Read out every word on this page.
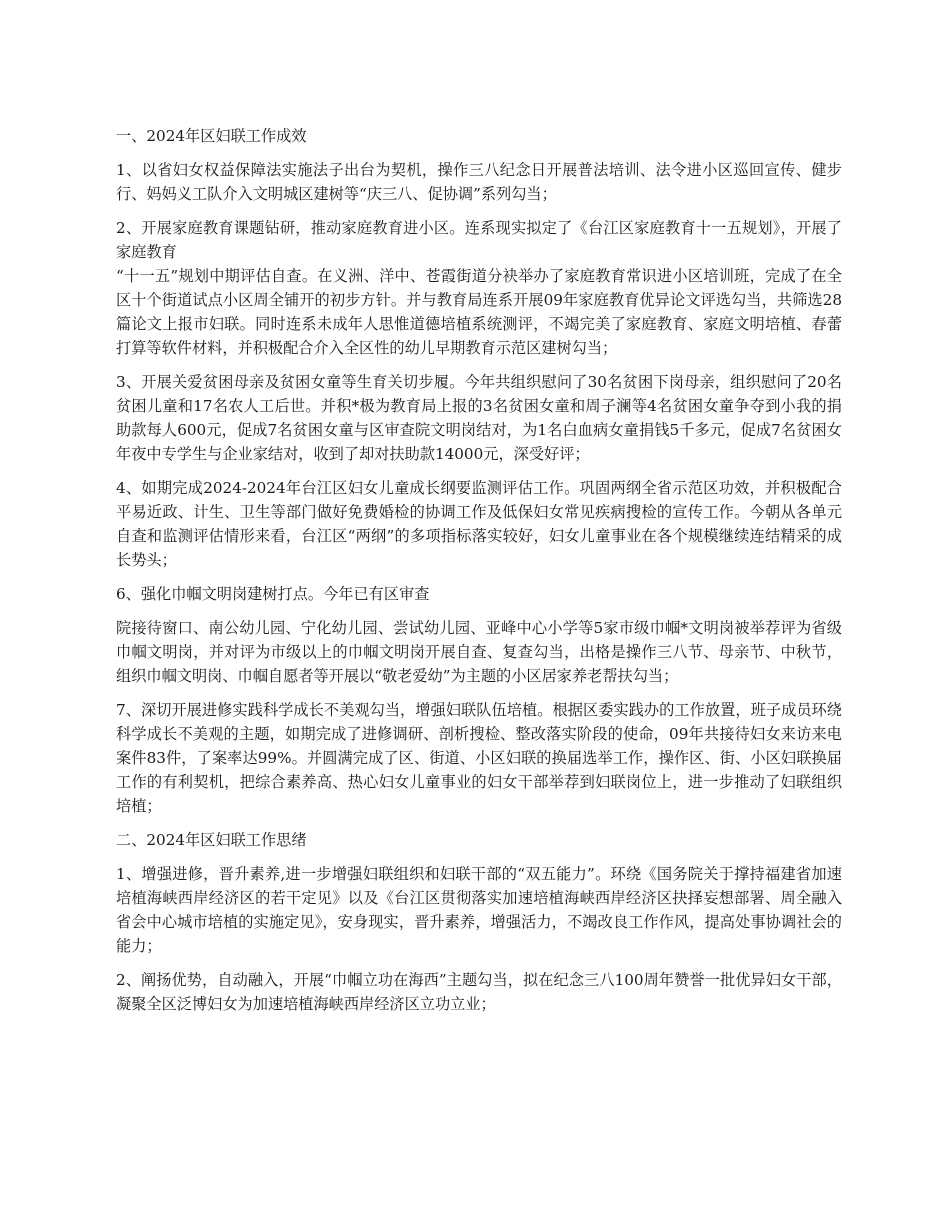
一、2024年区妇联工作成效

1、以省妇女权益保障法实施法子出台为契机，操作三八纪念日开展普法培训、法令进小区巡回宣传、健步行、妈妈义工队介入文明城区建树等“庆三八、促协调”系列勾当；

2、开展家庭教育课题钻研，推动家庭教育进小区。连系现实拟定了《台江区家庭教育十一五规划》，开展了家庭教育

“十一五”规划中期评估自查。在义洲、洋中、苍霞街道分袂举办了家庭教育常识进小区培训班，完成了在全区十个街道试点小区周全铺开的初步方针。并与教育局连系开展09年家庭教育优异论文评选勾当，共筛选28篇论文上报市妇联。同时连系未成年人思惟道德培植系统测评，不竭完美了家庭教育、家庭文明培植、春蕾打算等软件材料，并积极配合介入全区性的幼儿早期教育示范区建树勾当；

3、开展关爱贫困母亲及贫困女童等生育关切步履。今年共组织慰问了30名贫困下岗母亲，组织慰问了20名贫困儿童和17名农人工后世。并积*极为教育局上报的3名贫困女童和周子澜等4名贫困女童争夺到小我的捐助款每人600元，促成7名贫困女童与区审查院文明岗结对，为1名白血病女童捐钱5千多元，促成7名贫困女年夜中专学生与企业家结对，收到了却对扶助款14000元，深受好评；

4、如期完成2024-2024年台江区妇女儿童成长纲要监测评估工作。巩固两纲全省示范区功效，并积极配合平易近政、计生、卫生等部门做好免费婚检的协调工作及低保妇女常见疾病搜检的宣传工作。今朝从各单元自查和监测评估情形来看，台江区“两纲”的多项指标落实较好，妇女儿童事业在各个规模继续连结精采的成长势头；

6、强化巾帼文明岗建树打点。今年已有区审查

院接待窗口、南公幼儿园、宁化幼儿园、尝试幼儿园、亚峰中心小学等5家市级巾帼*文明岗被举荐评为省级巾帼文明岗，并对评为市级以上的巾帼文明岗开展自查、复查勾当，出格是操作三八节、母亲节、中秋节，组织巾帼文明岗、巾帼自愿者等开展以“敬老爱幼”为主题的小区居家养老帮扶勾当；

7、深切开展进修实践科学成长不美观勾当，增强妇联队伍培植。根据区委实践办的工作放置，班子成员环绕科学成长不美观的主题，如期完成了进修调研、剖析搜检、整改落实阶段的使命，09年共接待妇女来访来电案件83件，了案率达99%。并圆满完成了区、街道、小区妇联的换届选举工作，操作区、街、小区妇联换届工作的有利契机，把综合素养高、热心妇女儿童事业的妇女干部举荐到妇联岗位上，进一步推动了妇联组织培植；

二、2024年区妇联工作思绪

1、增强进修，晋升素养,进一步增强妇联组织和妇联干部的“双五能力”。环绕《国务院关于撑持福建省加速培植海峡西岸经济区的若干定见》以及《台江区贯彻落实加速培植海峡西岸经济区抉择妄想部署、周全融入省会中心城市培植的实施定见》，安身现实，晋升素养，增强活力，不竭改良工作作风，提高处事协调社会的能力；

2、阐扬优势，自动融入，开展“巾帼立功在海西”主题勾当，拟在纪念三八100周年赞誉一批优异妇女干部，凝聚全区泛博妇女为加速培植海峡西岸经济区立功立业；
